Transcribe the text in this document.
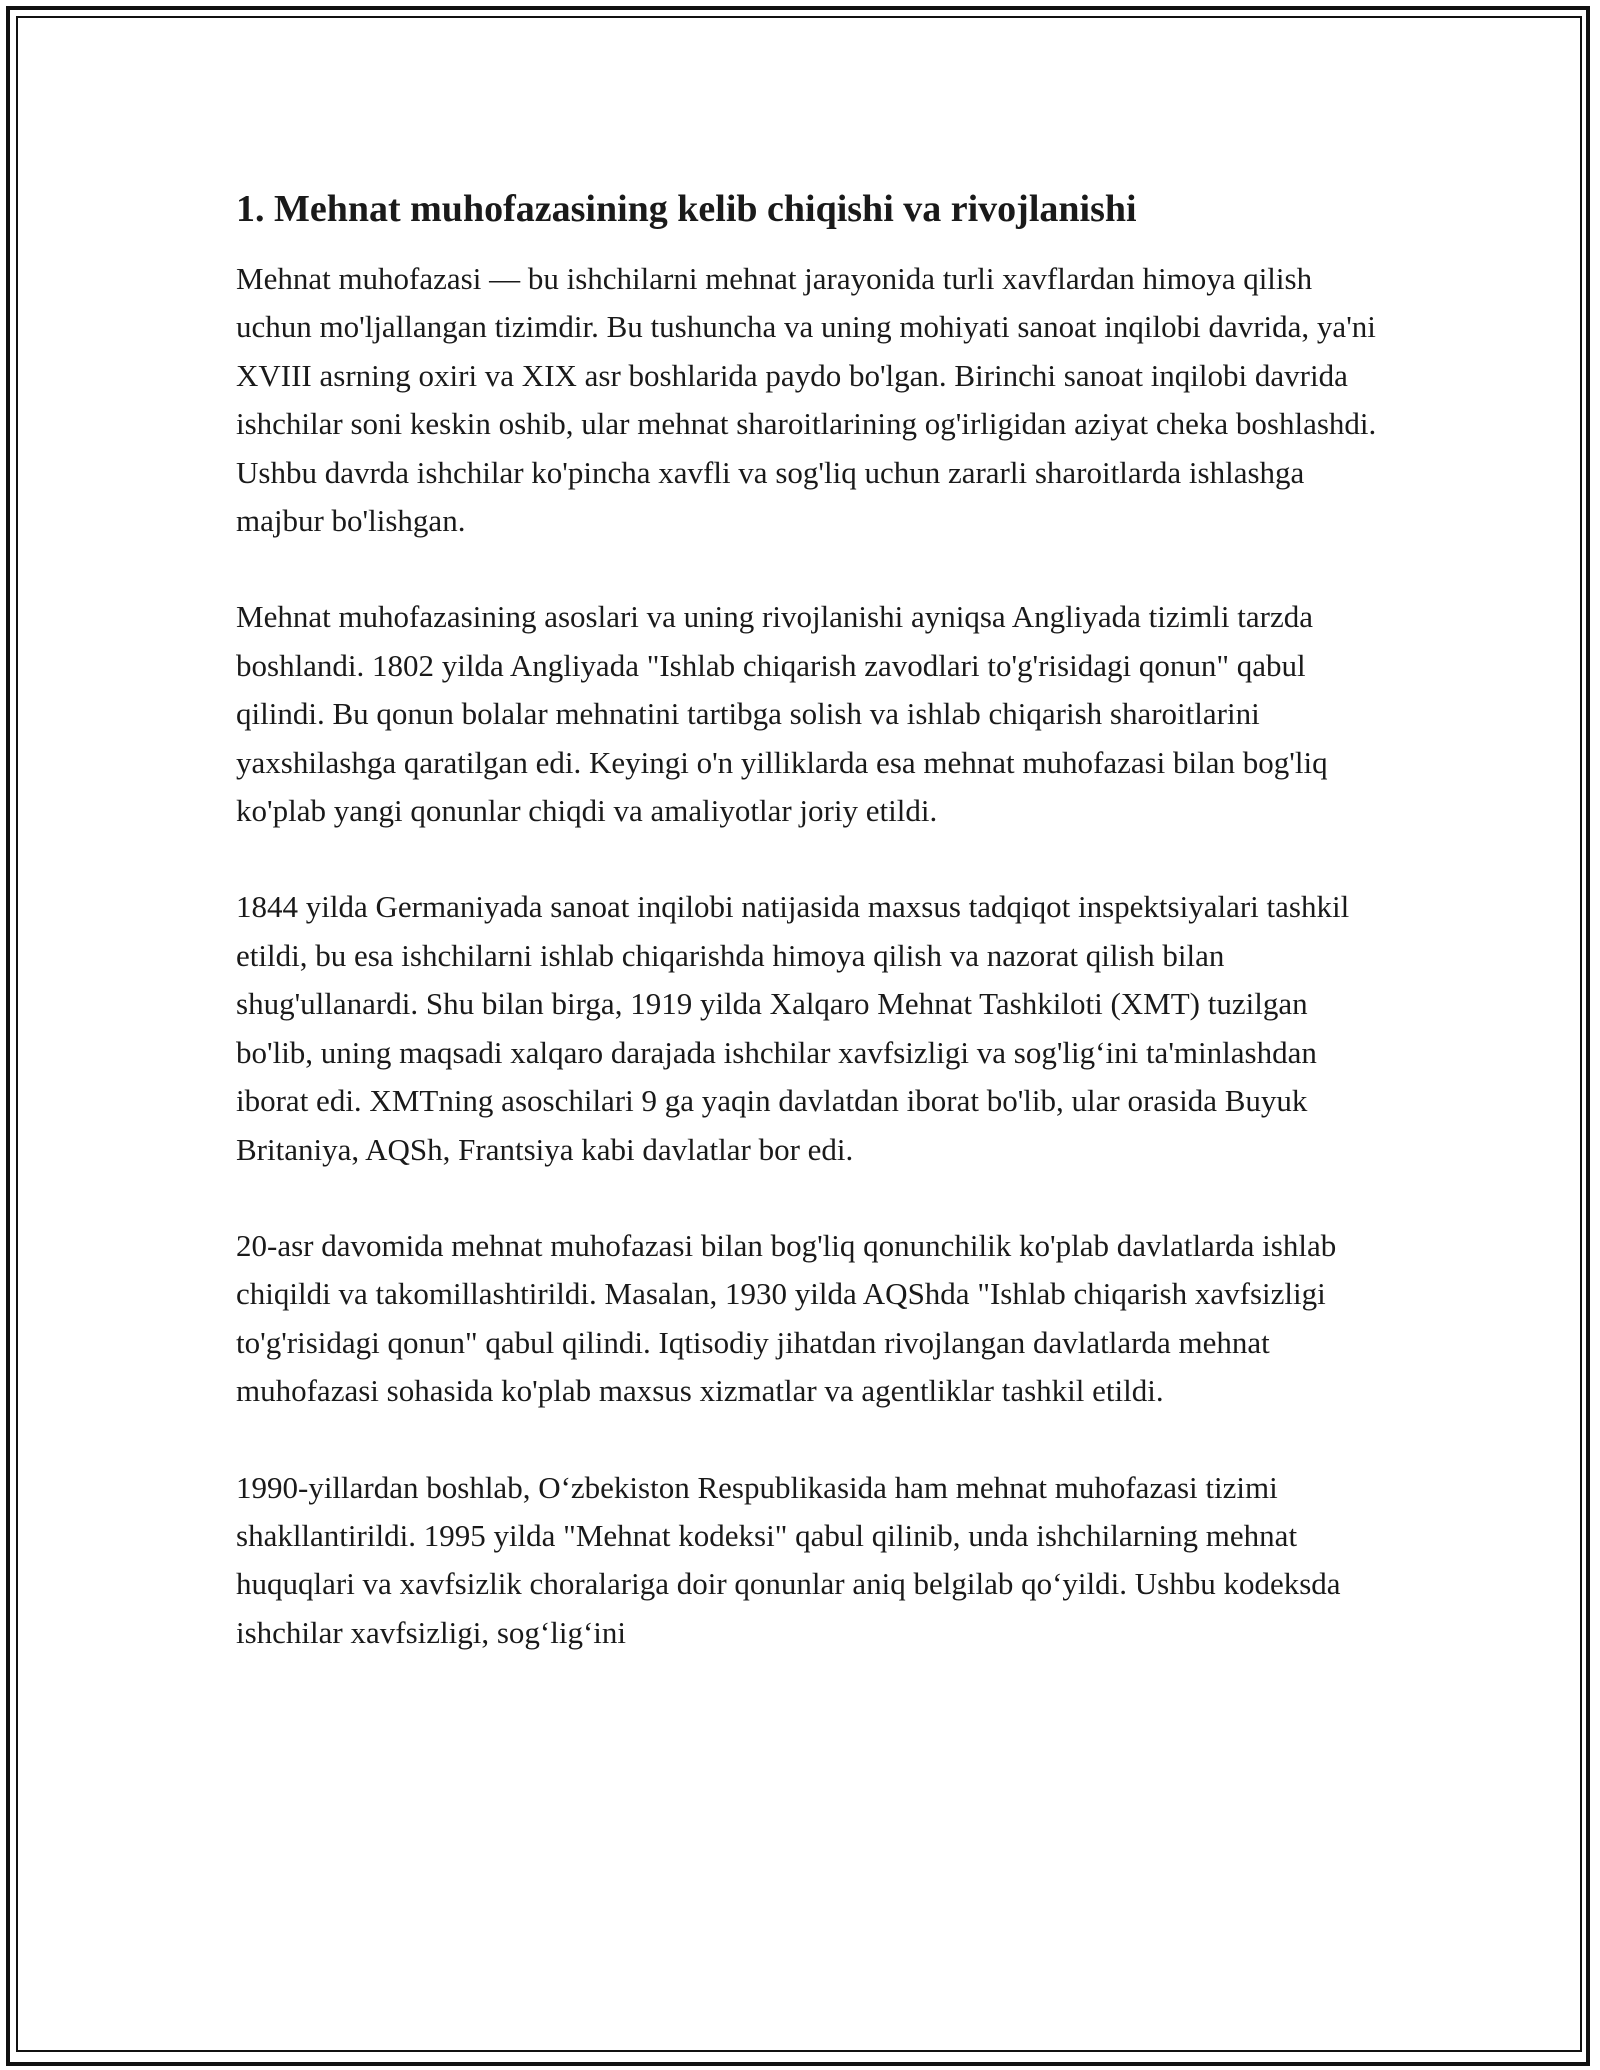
1. Mehnat muhofazasining kelib chiqishi va rivojlanishi

Mehnat muhofazasi — bu ishchilarni mehnat jarayonida turli xavflardan himoya qilish uchun mo'ljallangan tizimdir. Bu tushuncha va uning mohiyati sanoat inqilobi davrida, ya'ni XVIII asrning oxiri va XIX asr boshlarida paydo bo'lgan. Birinchi sanoat inqilobi davrida ishchilar soni keskin oshib, ular mehnat sharoitlarining og'irligidan aziyat cheka boshlashdi. Ushbu davrda ishchilar ko'pincha xavfli va sog'liq uchun zararli sharoitlarda ishlashga majbur bo'lishgan.

Mehnat muhofazasining asoslari va uning rivojlanishi ayniqsa Angliyada tizimli tarzda boshlandi. 1802 yilda Angliyada "Ishlab chiqarish zavodlari to'g'risidagi qonun" qabul qilindi. Bu qonun bolalar mehnatini tartibga solish va ishlab chiqarish sharoitlarini yaxshilashga qaratilgan edi. Keyingi o'n yilliklarda esa mehnat muhofazasi bilan bog'liq ko'plab yangi qonunlar chiqdi va amaliyotlar joriy etildi.

1844 yilda Germaniyada sanoat inqilobi natijasida maxsus tadqiqot inspektsiyalari tashkil etildi, bu esa ishchilarni ishlab chiqarishda himoya qilish va nazorat qilish bilan shug'ullanardi. Shu bilan birga, 1919 yilda Xalqaro Mehnat Tashkiloti (XMT) tuzilgan bo'lib, uning maqsadi xalqaro darajada ishchilar xavfsizligi va sog'lig‘ini ta'minlashdan iborat edi. XMTning asoschilari 9 ga yaqin davlatdan iborat bo'lib, ular orasida Buyuk Britaniya, AQSh, Frantsiya kabi davlatlar bor edi.

20-asr davomida mehnat muhofazasi bilan bog'liq qonunchilik ko'plab davlatlarda ishlab chiqildi va takomillashtirildi. Masalan, 1930 yilda AQShda "Ishlab chiqarish xavfsizligi to'g'risidagi qonun" qabul qilindi. Iqtisodiy jihatdan rivojlangan davlatlarda mehnat muhofazasi sohasida ko'plab maxsus xizmatlar va agentliklar tashkil etildi.

1990-yillardan boshlab, O‘zbekiston Respublikasida ham mehnat muhofazasi tizimi shakllantirildi. 1995 yilda "Mehnat kodeksi" qabul qilinib, unda ishchilarning mehnat huquqlari va xavfsizlik choralariga doir qonunlar aniq belgilab qo‘yildi. Ushbu kodeksda ishchilar xavfsizligi, sog‘lig‘ini
